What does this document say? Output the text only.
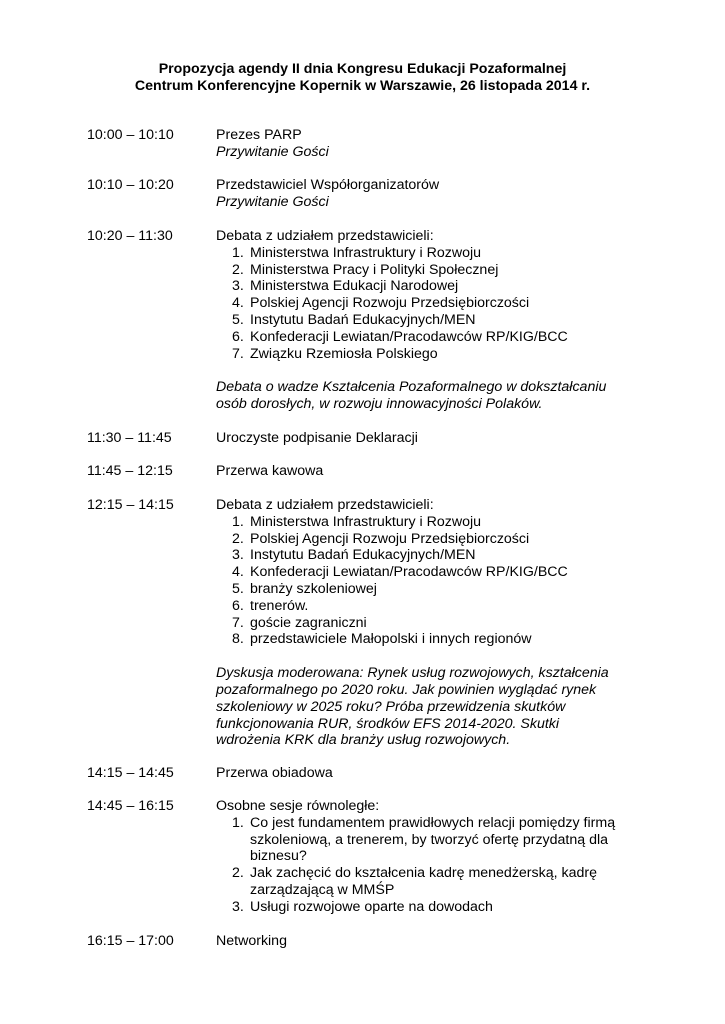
Propozycja agendy II dnia Kongresu Edukacji Pozaformalnej
Centrum Konferencyjne Kopernik w Warszawie, 26 listopada 2014 r.
10:00 – 10:10	Prezes PARP
Przywitanie Gości
10:10 – 10:20	Przedstawiciel Współorganizatorów
Przywitanie Gości
10:20 – 11:30	Debata z udziałem przedstawicieli:
1. Ministerstwa Infrastruktury i Rozwoju
2. Ministerstwa Pracy i Polityki Społecznej
3. Ministerstwa Edukacji Narodowej
4. Polskiej Agencji Rozwoju Przedsiębiorczości
5. Instytutu Badań Edukacyjnych/MEN
6. Konfederacji Lewiatan/Pracodawców RP/KIG/BCC
7. Związku Rzemiosła Polskiego
Debata o wadze Kształcenia Pozaformalnego w dokształcaniu
osób dorosłych, w rozwoju innowacyjności Polaków.
11:30 – 11:45	Uroczyste podpisanie Deklaracji
11:45 – 12:15	Przerwa kawowa
12:15 – 14:15	Debata z udziałem przedstawicieli:
1. Ministerstwa Infrastruktury i Rozwoju
2. Polskiej Agencji Rozwoju Przedsiębiorczości
3. Instytutu Badań Edukacyjnych/MEN
4. Konfederacji Lewiatan/Pracodawców RP/KIG/BCC
5. branży szkoleniowej
6. trenerów.
7. goście zagraniczni
8. przedstawiciele Małopolski i innych regionów
Dyskusja moderowana: Rynek usług rozwojowych, kształcenia
pozaformalnego po 2020 roku. Jak powinien wyglądać rynek
szkoleniowy w 2025 roku? Próba przewidzenia skutków
funkcjonowania RUR, środków EFS 2014-2020. Skutki
wdrożenia KRK dla branży usług rozwojowych.
14:15 – 14:45	Przerwa obiadowa
14:45 – 16:15	Osobne sesje równoległe:
1. Co jest fundamentem prawidłowych relacji pomiędzy firmą
szkoleniową, a trenerem, by tworzyć ofertę przydatną dla
biznesu?
2. Jak zachęcić do kształcenia kadrę menedżerską, kadrę
zarządzającą w MMŚP
3. Usługi rozwojowe oparte na dowodach
16:15 – 17:00	Networking
